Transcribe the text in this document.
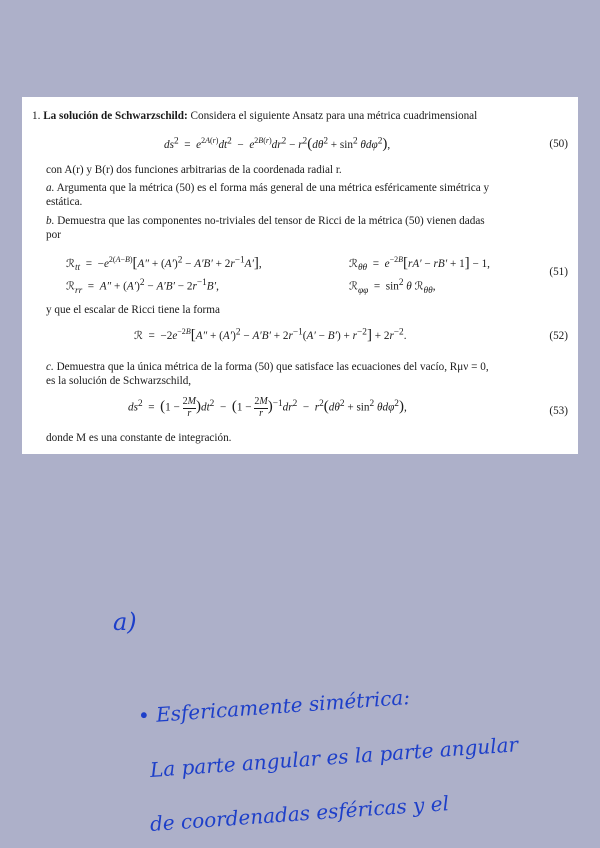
1. La solución de Schwarzschild: Considera el siguiente Ansatz para una métrica cuadrimensional
$ds^2 = e^{2A(r)}dt^2 - e^{2B(r)}dr^2 - r^2(d\theta^2 + \sin^2 \theta d\varphi^2)$,	(50)
con A(r) y B(r) dos funciones arbitrarias de la coordenada radial r.
a. Argumenta que la métrica (50) es el forma más general de una métrica esféricamente simétrica y
estática.
b. Demuestra que las componentes no-triviales del tensor de Ricci de la métrica (50) vienen dadas
por
ℛ$_{tt}$  =  $-e^{2(A-B)}[A'' + (A')^2 - A'B' + 2r^{-1}A']$,	ℛ$_{\theta\theta}$  =  $e^{-2B}[rA' - rB' + 1] - 1$,
(51)
ℛ$_{rr}$  =  $A'' + (A')^2 - A'B' - 2r^{-1}B'$,	ℛ$_{\varphi\varphi}$  =  $\sin^2 \theta$ ℛ$_{\theta\theta}$,
y que el escalar de Ricci tiene la forma
ℛ  =  $-2e^{-2B}[A'' + (A')^2 - A'B' + 2r^{-1}(A' - B') + r^{-2}] + 2r^{-2}$.	(52)
c. Demuestra que la única métrica de la forma (50) que satisface las ecuaciones del vacío, Rμν = 0,
es la solución de Schwarzschild,
$ds^2 = (1 - \frac{2M}{r} )dt^2 - (1 - \frac{2M}{r} )^{-1}dr^2 - r^2(d\theta^2 + \sin^2 \theta d\varphi^2)$,	(53)
donde M es una constante de integración.
a)
• Esfericamente simétrica:
La parte angular es la parte angular
de coordenadas esféricas y el
